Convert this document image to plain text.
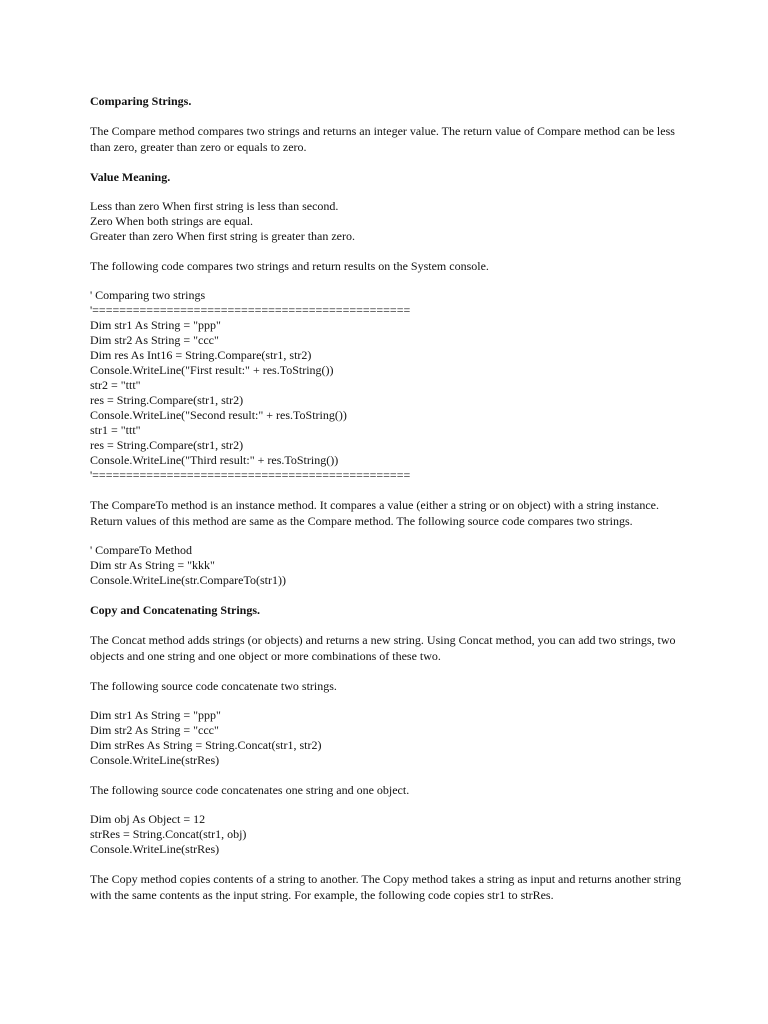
Comparing Strings.
The Compare method compares two strings and returns an integer value. The return value of Compare method can be less than zero, greater than zero or equals to zero.
Value Meaning.
Less than zero When first string is less than second.
Zero When both strings are equal.
Greater than zero When first string is greater than zero.
The following code compares two strings and return results on the System console.
' Comparing two strings
'===============================================
Dim str1 As String = "ppp"
Dim str2 As String = "ccc"
Dim res As Int16 = String.Compare(str1, str2)
Console.WriteLine("First result:" + res.ToString())
str2 = "ttt"
res = String.Compare(str1, str2)
Console.WriteLine("Second result:" + res.ToString())
str1 = "ttt"
res = String.Compare(str1, str2)
Console.WriteLine("Third result:" + res.ToString())
'===============================================
The CompareTo method is an instance method. It compares a value (either a string or on object) with a string instance. Return values of this method are same as the Compare method. The following source code compares two strings.
' CompareTo Method
Dim str As String = "kkk"
Console.WriteLine(str.CompareTo(str1))
Copy and Concatenating Strings.
The Concat method adds strings (or objects) and returns a new string. Using Concat method, you can add two strings, two objects and one string and one object or more combinations of these two.
The following source code concatenate two strings.
Dim str1 As String = "ppp"
Dim str2 As String = "ccc"
Dim strRes As String = String.Concat(str1, str2)
Console.WriteLine(strRes)
The following source code concatenates one string and one object.
Dim obj As Object = 12
strRes = String.Concat(str1, obj)
Console.WriteLine(strRes)
The Copy method copies contents of a string to another. The Copy method takes a string as input and returns another string with the same contents as the input string. For example, the following code copies str1 to strRes.
